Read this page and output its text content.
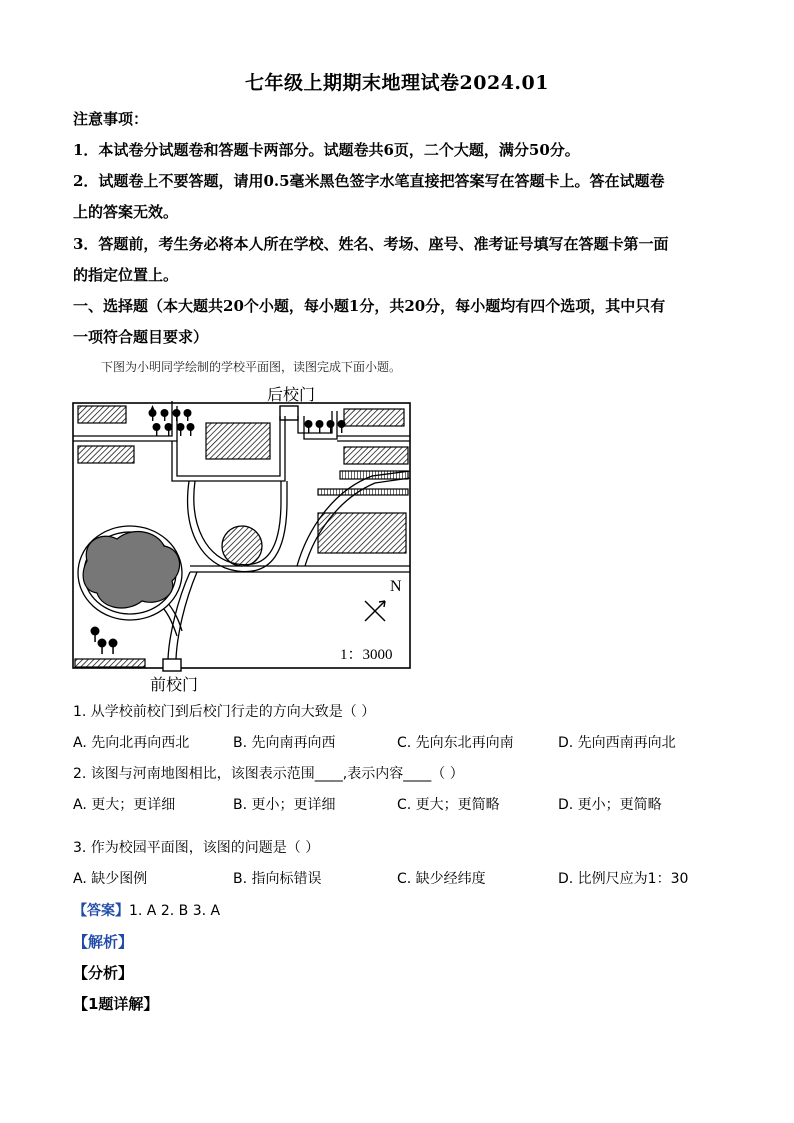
七年级上期期末地理试卷2024.01
注意事项：
1．本试卷分试题卷和答题卡两部分。试题卷共6页，二个大题，满分50分。
2．试题卷上不要答题，请用0.5毫米黑色签字水笔直接把答案写在答题卡上。答在试题卷
上的答案无效。
3．答题前，考生务必将本人所在学校、姓名、考场、座号、准考证号填写在答题卡第一面
的指定位置上。
一、选择题（本大题共20个小题，每小题1分，共20分，每小题均有四个选项，其中只有
一项符合题目要求）
下图为小明同学绘制的学校平面图，读图完成下面小题。
后校门
前校门
N
1：3000
1. 从学校前校门到后校门行走的方向大致是（ ）
A. 先向北再向西北	B. 先向南再向西	C. 先向东北再向南	D. 先向西南再向北
2. 该图与河南地图相比，该图表示范围____,表示内容____（ ）
A. 更大；更详细	B. 更小；更详细	C. 更大；更简略	D. 更小；更简略
3. 作为校园平面图，该图的问题是（ ）
A. 缺少图例	B. 指向标错误	C. 缺少经纬度	D. 比例尺应为1：30
【答案】1. A 2. B 3. A
【解析】
【分析】
【1题详解】
